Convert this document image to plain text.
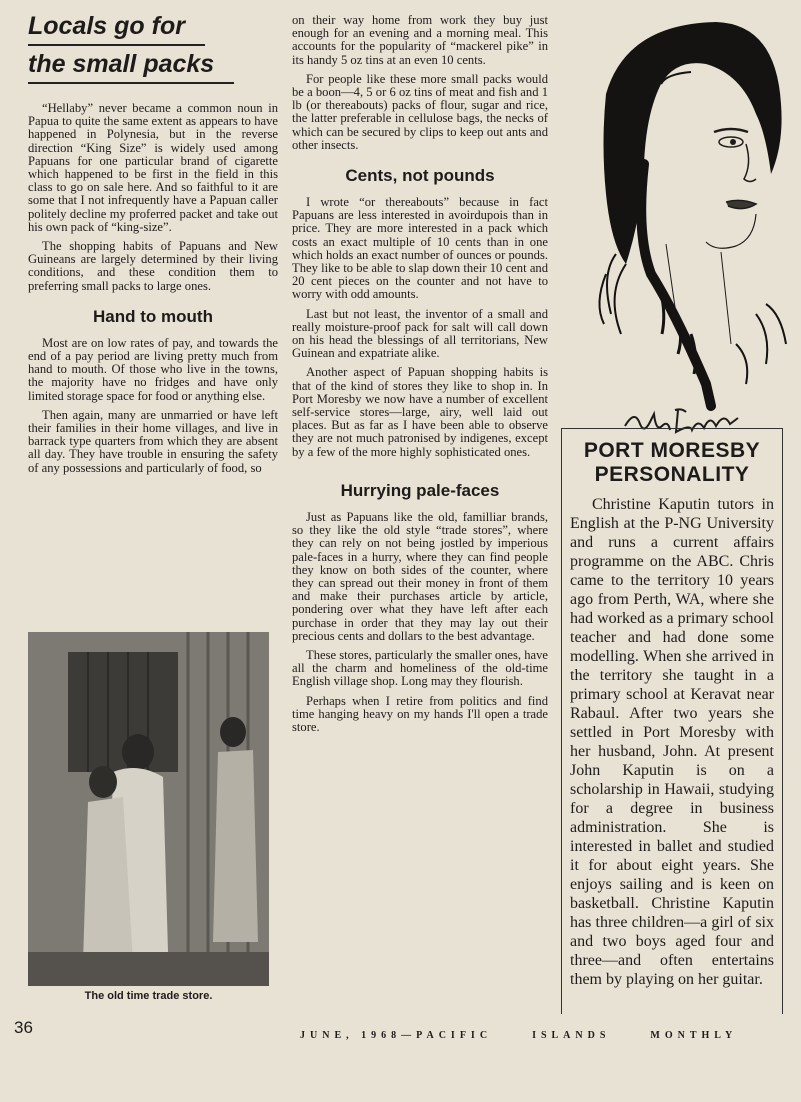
Locals go for
the small packs

“Hellaby” never became a common noun in Papua to quite the same extent as appears to have happened in Polynesia, but in the reverse direction “King Size” is widely used among Papuans for one particular brand of cigarette which happened to be first in the field in this class to go on sale here. And so faithful to it are some that I not infrequently have a Papuan caller politely decline my proferred packet and take out his own pack of “king-size”.

The shopping habits of Papuans and New Guineans are largely determined by their living conditions, and these condition them to preferring small packs to large ones.

Hand to mouth

Most are on low rates of pay, and towards the end of a pay period are living pretty much from hand to mouth. Of those who live in the towns, the majority have no fridges and have only limited storage space for food or anything else.

Then again, many are unmarried or have left their families in their home villages, and live in barrack type quarters from which they are absent all day. They have trouble in ensuring the safety of any possessions and particularly of food, so

The old time trade store.

on their way home from work they buy just enough for an evening and a morning meal. This accounts for the popularity of “mackerel pike” in its handy 5 oz tins at an even 10 cents.

For people like these more small packs would be a boon—4, 5 or 6 oz tins of meat and fish and 1 lb (or thereabouts) packs of flour, sugar and rice, the latter preferable in cellulose bags, the necks of which can be secured by clips to keep out ants and other insects.

Cents, not pounds

I wrote “or thereabouts” because in fact Papuans are less interested in avoirdupois than in price. They are more interested in a pack which costs an exact multiple of 10 cents than in one which holds an exact number of ounces or pounds. They like to be able to slap down their 10 cent and 20 cent pieces on the counter and not have to worry with odd amounts.

Last but not least, the inventor of a small and really moisture-proof pack for salt will call down on his head the blessings of all territorians, New Guinean and expatriate alike.

Another aspect of Papuan shopping habits is that of the kind of stores they like to shop in. In Port Moresby we now have a number of excellent self-service stores—large, airy, well laid out places. But as far as I have been able to observe they are not much patronised by indigenes, except by a few of the more highly sophisticated ones.

Hurrying pale-faces

Just as Papuans like the old, familliar brands, so they like the old style “trade stores”, where they can rely on not being jostled by imperious pale-faces in a hurry, where they can find people they know on both sides of the counter, where they can spread out their money in front of them and make their purchases article by article, pondering over what they have left after each purchase in order that they may lay out their precious cents and dollars to the best advantage.

These stores, particularly the smaller ones, have all the charm and homeliness of the old-time English village shop. Long may they flourish.

Perhaps when I retire from politics and find time hanging heavy on my hands I'll open a trade store.

PORT MORESBY
PERSONALITY

Christine Kaputin tutors in English at the P-NG University and runs a current affairs programme on the ABC. Chris came to the territory 10 years ago from Perth, WA, where she had worked as a primary school teacher and had done some modelling. When she arrived in the territory she taught in a primary school at Keravat near Rabaul. After two years she settled in Port Moresby with her husband, John. At present John Kaputin is on a scholarship in Hawaii, studying for a degree in business administration. She is interested in ballet and studied it for about eight years. She enjoys sailing and is keen on basketball. Christine Kaputin has three children—a girl of six and two boys aged four and three—and often entertains them by playing on her guitar.

36	JUNE, 1968—PACIFIC	ISLANDS	MONTHLY
